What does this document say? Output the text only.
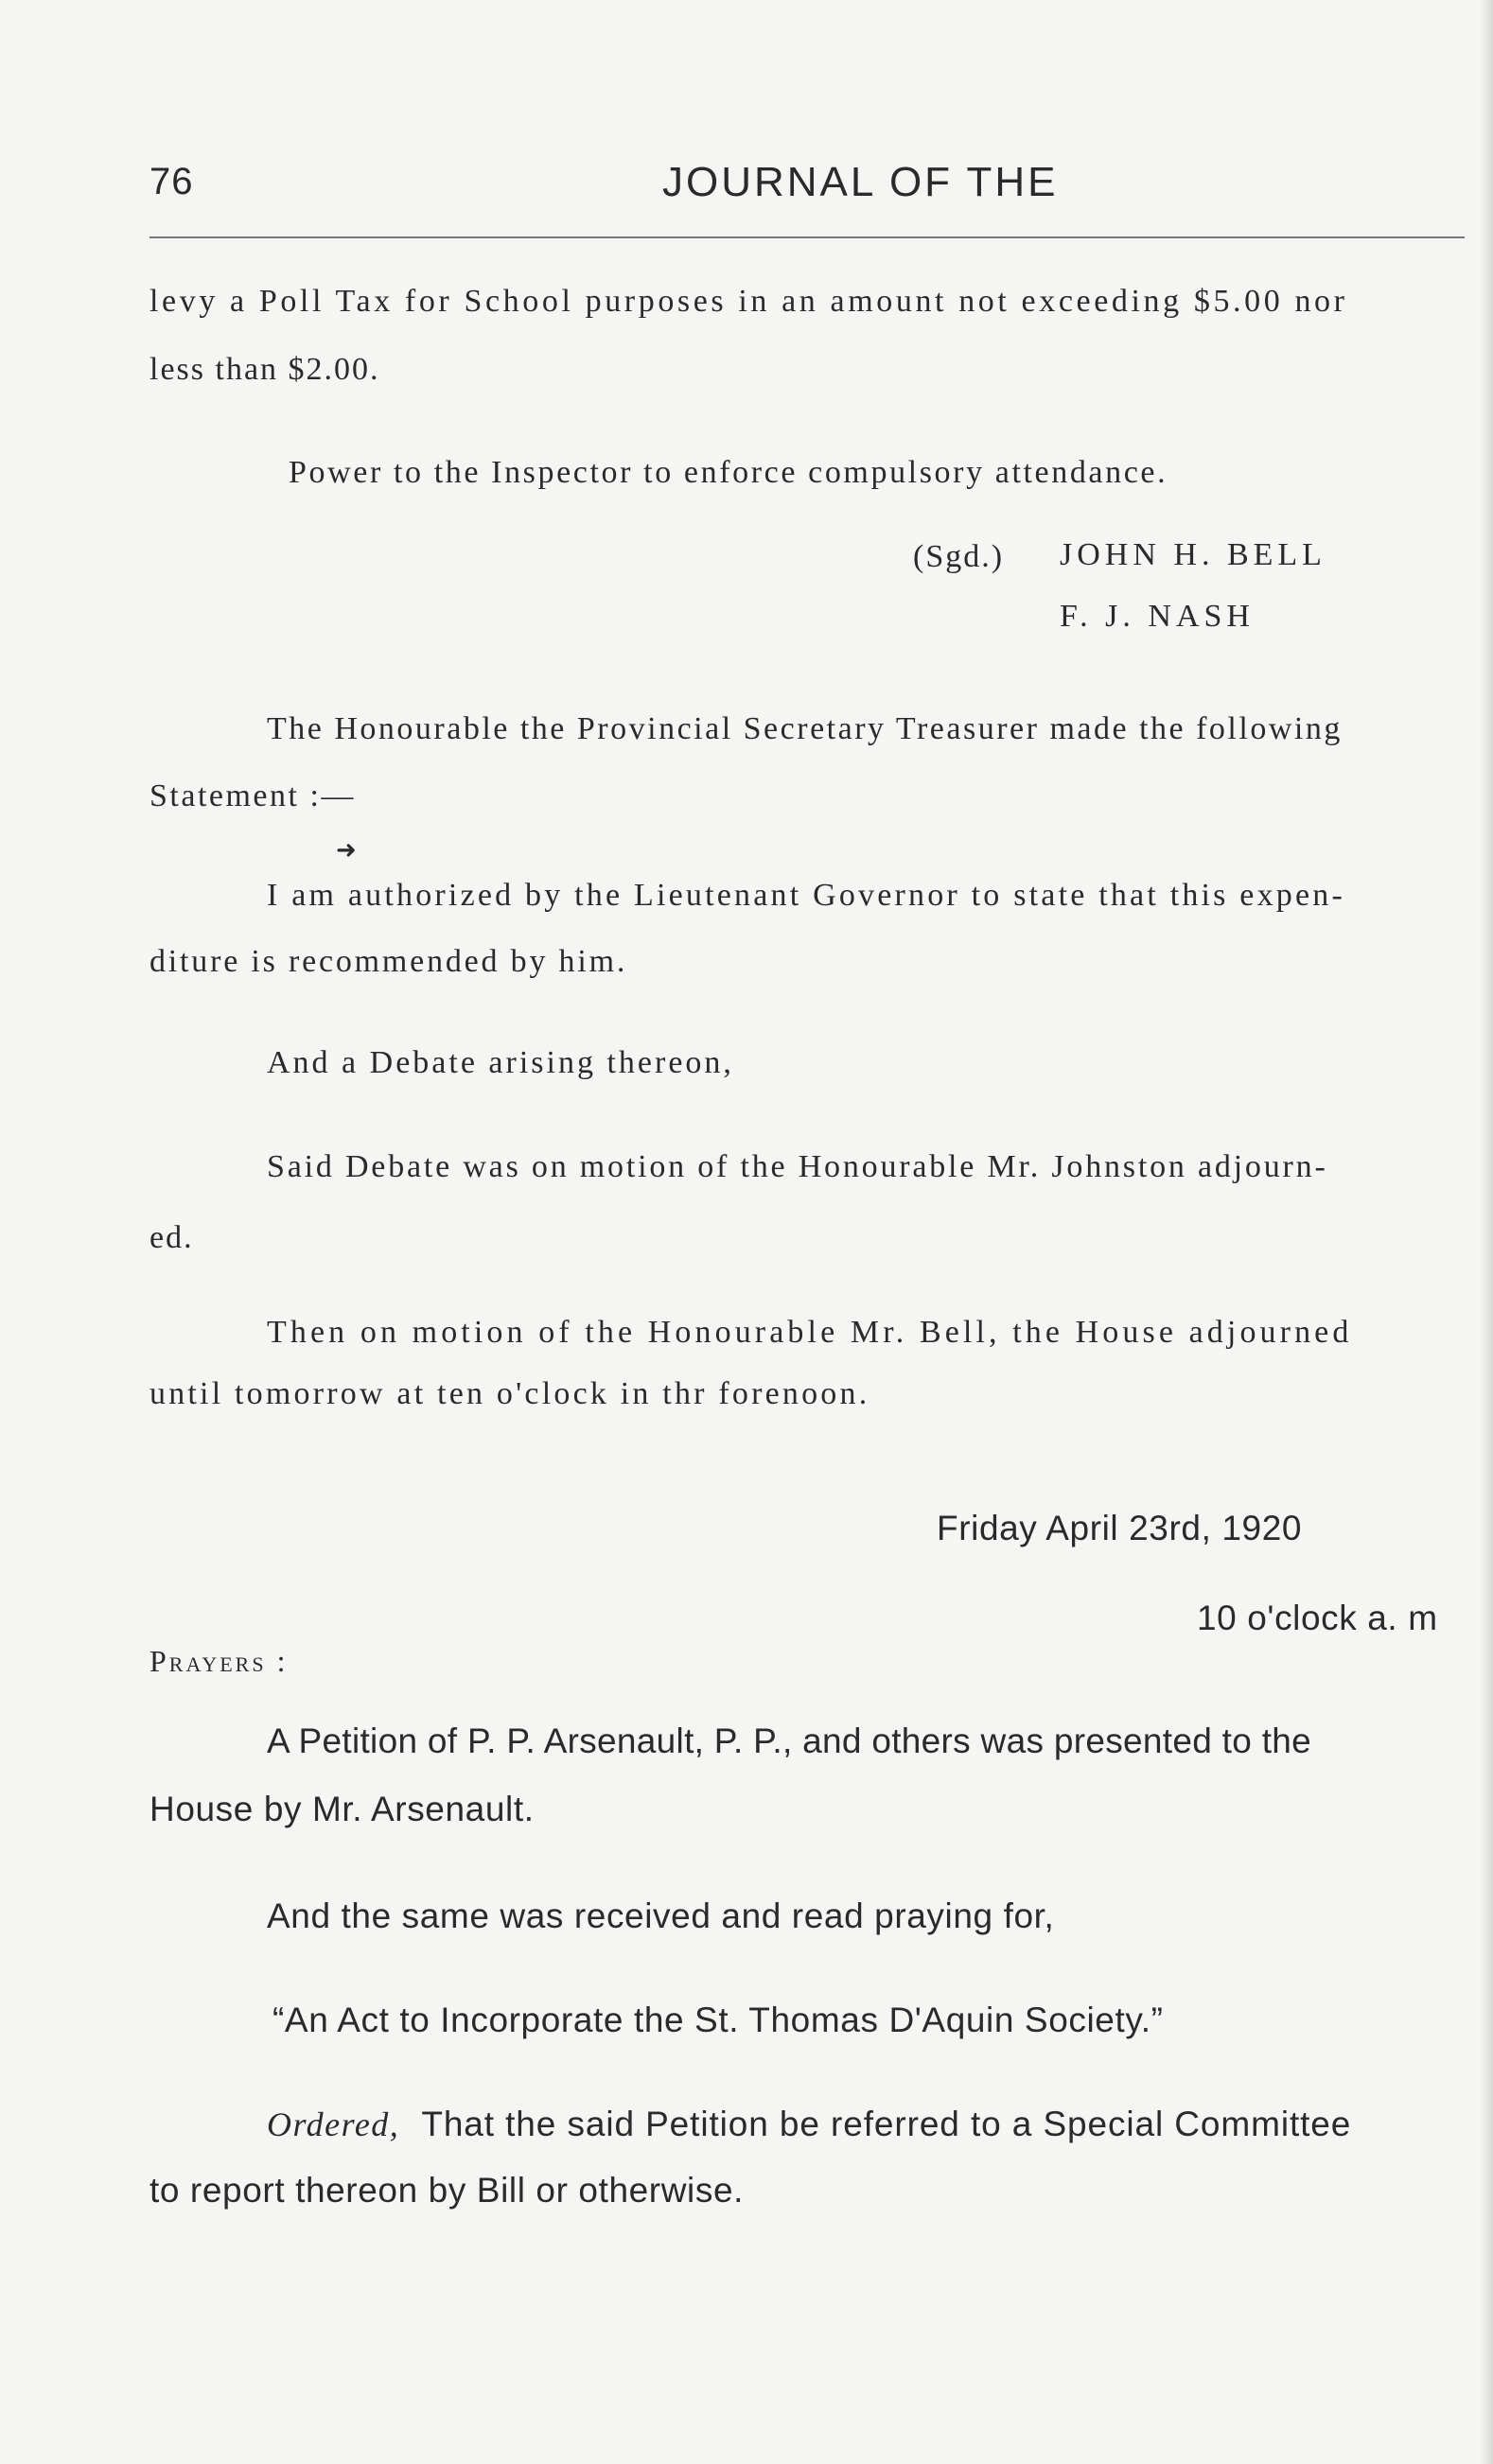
76	JOURNAL OF THE
levy a Poll Tax for School purposes in an amount not exceeding $5.00 nor
less than $2.00.
Power to the Inspector to enforce compulsory attendance.
(Sgd.) JOHN H. BELL
F. J. NASH
The Honourable the Provincial Secretary Treasurer made the following
Statement :—
➜
I am authorized by the Lieutenant Governor to state that this expen-
diture is recommended by him.
And a Debate arising thereon,
Said Debate was on motion of the Honourable Mr. Johnston adjourn-
ed.
Then on motion of the Honourable Mr. Bell, the House adjourned
until tomorrow at ten o'clock in thr forenoon.
Friday April 23rd, 1920
10 o'clock a. m
Prayers :
A Petition of P. P. Arsenault, P. P., and others was presented to the
House by Mr. Arsenault.
And the same was received and read praying for,
“An Act to Incorporate the St. Thomas D'Aquin Society.”
Ordered, That the said Petition be referred to a Special Committee
to report thereon by Bill or otherwise.
